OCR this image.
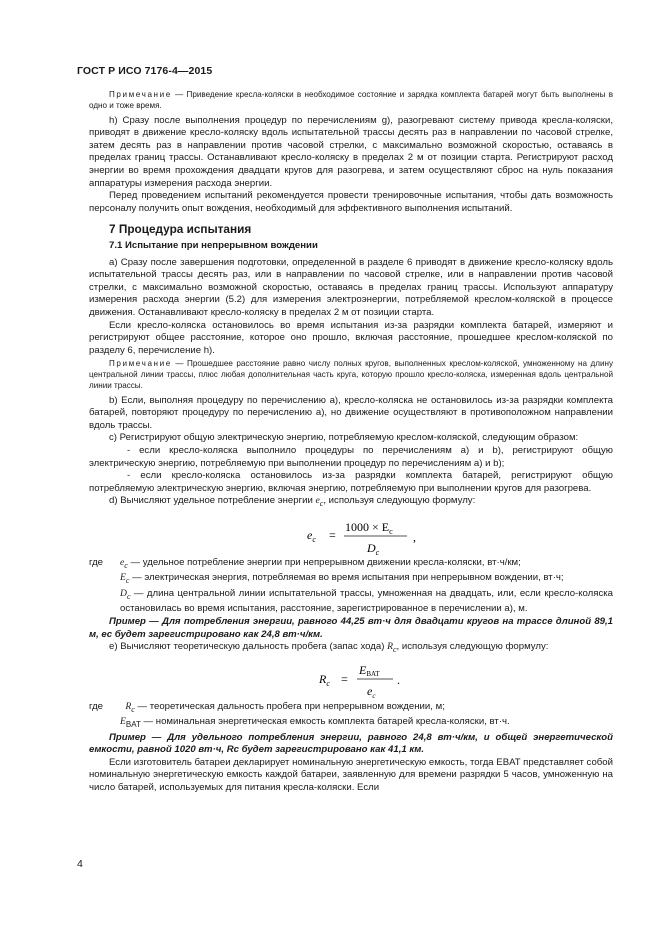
ГОСТ Р ИСО 7176-4—2015

Примечание — Приведение кресла-коляски в необходимое состояние и зарядка комплекта батарей могут быть выполнены в одно и тоже время.

h) Сразу после выполнения процедур по перечислениям g), разогревают систему привода кресла-коляски, приводят в движение кресло-коляску вдоль испытательной трассы десять раз в направлении по часовой стрелке, затем десять раз в направлении против часовой стрелки, с максимально возможной скоростью, оставаясь в пределах границ трассы. Останавливают кресло-коляску в пределах 2 м от позиции старта. Регистрируют расход энергии во время прохождения двадцати кругов для разогрева, и затем осуществляют сброс на нуль показания аппаратуры измерения расхода энергии.

Перед проведением испытаний рекомендуется провести тренировочные испытания, чтобы дать возможность персоналу получить опыт вождения, необходимый для эффективного выполнения испытаний.

7 Процедура испытания

7.1 Испытание при непрерывном вождении

а) Сразу после завершения подготовки, определенной в разделе 6 приводят в движение кресло-коляску вдоль испытательной трассы десять раз, или в направлении по часовой стрелке, или в направлении против часовой стрелки, с максимально возможной скоростью, оставаясь в пределах границ трассы. Используют аппаратуру измерения расхода энергии (5.2) для измерения электроэнергии, потребляемой креслом-коляской в процессе движения. Останавливают кресло-коляску в пределах 2 м от позиции старта.

Если кресло-коляска остановилось во время испытания из-за разрядки комплекта батарей, измеряют и регистрируют общее расстояние, которое оно прошло, включая расстояние, прошедшее креслом-коляской по разделу 6, перечисление h).

Примечание — Прошедшее расстояние равно числу полных кругов, выполненных креслом-коляской, умноженному на длину центральной линии трассы, плюс любая дополнительная часть круга, которую прошло кресло-коляска, измеренная вдоль центральной линии трассы.

b) Если, выполняя процедуру по перечислению а), кресло-коляска не остановилось из-за разрядки комплекта батарей, повторяют процедуру по перечислению а), но движение осуществляют в противоположном направлении вдоль трассы.

c) Регистрируют общую электрическую энергию, потребляемую креслом-коляской, следующим образом:

- если кресло-коляска выполнило процедуры по перечислениям а) и b), регистрируют общую электрическую энергию, потребляемую при выполнении процедур по перечислениям а) и b);

- если кресло-коляска остановилось из-за разрядки комплекта батарей, регистрируют общую потребляемую электрическую энергию, включая энергию, потребляемую при выполнении кругов для разогрева.

d) Вычисляют удельное потребление энергии $e_c$, используя следующую формулу:

$e_c$ =
$1000 \times E_c$
$D_c$
,
где	$e_c$ — удельное потребление энергии при непрерывном движении кресла-коляски, вт·ч/км;
$E_c$ — электрическая энергия, потребляемая во время испытания при непрерывном вождении, вт·ч;
$D_c$ — длина центральной линии испытательной трассы, умноженная на двадцать, или, если кресло-коляска остановилась во время испытания, расстояние, зарегистрированное в перечислении а), м.

Пример — Для потребления энергии, равного 44,25 вт·ч для двадцати кругов на трассе длиной 89,1 м, eс будет зарегистрировано как 24,8 вт·ч/км.

е) Вычисляют теоретическую дальность пробега (запас хода) $R_c$, используя следующую формулу:

$R_c$ =
EBAT
$e_c$
.
где	$R_c$ — теоретическая дальность пробега при непрерывном вождении, м;
$E_{BAT}$ — номинальная энергетическая емкость комплекта батарей кресла-коляски, вт·ч.

Пример — Для удельного потребления энергии, равного 24,8 вт·ч/км, и общей энергетической емкости, равной 1020 вт·ч, Rc будет зарегистрировано как 41,1 км.

Если изготовитель батареи декларирует номинальную энергетическую емкость, тогда EBAT представляет собой номинальную энергетическую емкость каждой батареи, заявленную для времени разрядки 5 часов, умноженную на число батарей, используемых для питания кресла-коляски. Если

4
